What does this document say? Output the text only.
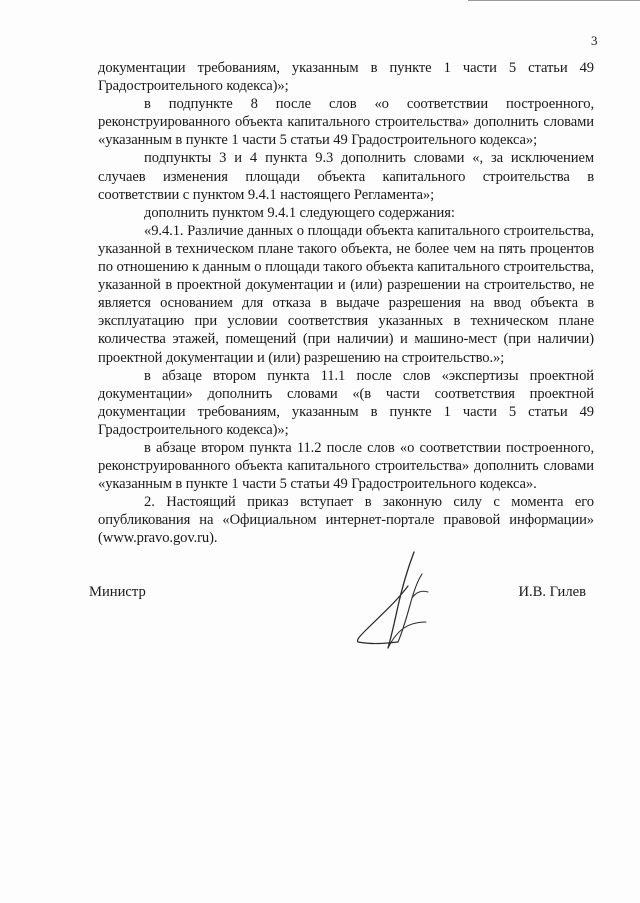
3

документации требованиям, указанным в пункте 1 части 5 статьи 49 Градостроительного кодекса)»;

в подпункте 8 после слов «о соответствии построенного, реконструированного объекта капитального строительства» дополнить словами «указанным в пункте 1 части 5 статьи 49 Градостроительного кодекса»;

подпункты 3 и 4 пункта 9.3 дополнить словами «, за исключением случаев изменения площади объекта капитального строительства в соответствии с пунктом 9.4.1 настоящего Регламента»;

дополнить пунктом 9.4.1 следующего содержания:

«9.4.1. Различие данных о площади объекта капитального строительства, указанной в техническом плане такого объекта, не более чем на пять процентов по отношению к данным о площади такого объекта капитального строительства, указанной в проектной документации и (или) разрешении на строительство, не является основанием для отказа в выдаче разрешения на ввод объекта в эксплуатацию при условии соответствия указанных в техническом плане количества этажей, помещений (при наличии) и машино-мест (при наличии) проектной документации и (или) разрешению на строительство.»;

в абзаце втором пункта 11.1 после слов «экспертизы проектной документации» дополнить словами «(в части соответствия проектной документации требованиям, указанным в пункте 1 части 5 статьи 49 Градостроительного кодекса)»;

в абзаце втором пункта 11.2 после слов «о соответствии построенного, реконструированного объекта капитального строительства» дополнить словами «указанным в пункте 1 части 5 статьи 49 Градостроительного кодекса».

2. Настоящий приказ вступает в законную силу с момента его опубликования на «Официальном интернет-портале правовой информации» (www.pravo.gov.ru).

Министр	И.В. Гилев
